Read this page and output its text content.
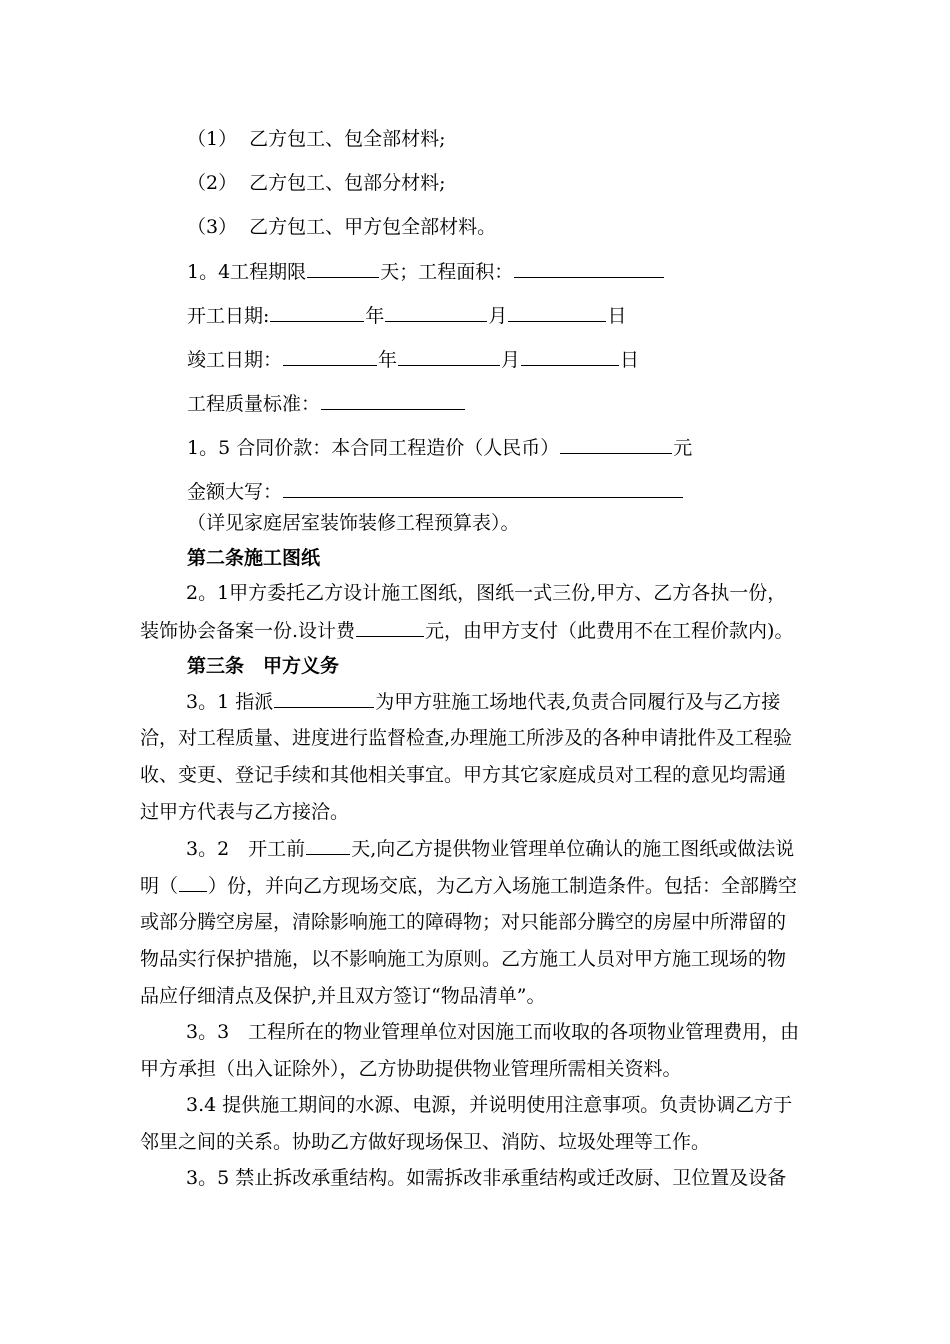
（1） 乙方包工、包全部材料;
（2） 乙方包工、包部分材料;
（3） 乙方包工、甲方包全部材料。
1。4工程期限	天；工程面积：
开工日期:	年	月	日
竣工日期：	年	月	日
工程质量标准：
1。5 合同价款：本合同工程造价（人民币）	元
金额大写：
（详见家庭居室装饰装修工程预算表）。
第二条施工图纸
2。1甲方委托乙方设计施工图纸，图纸一式三份,甲方、乙方各执一份，
装饰协会备案一份.设计费	元，由甲方支付（此费用不在工程价款内)。
第三条　甲方义务
3。1 指派	为甲方驻施工场地代表,负责合同履行及与乙方接
洽，对工程质量、进度进行监督检查,办理施工所涉及的各种申请批件及工程验
收、变更、登记手续和其他相关事宜。甲方其它家庭成员对工程的意见均需通
过甲方代表与乙方接洽。
3。2　开工前 天,向乙方提供物业管理单位确认的施工图纸或做法说
明（ ）份，并向乙方现场交底，为乙方入场施工制造条件。包括：全部腾空
或部分腾空房屋，清除影响施工的障碍物；对只能部分腾空的房屋中所滞留的
物品实行保护措施，以不影响施工为原则。乙方施工人员对甲方施工现场的物
品应仔细清点及保护,并且双方签订“物品清单”。
3。3　工程所在的物业管理单位对因施工而收取的各项物业管理费用，由
甲方承担（出入证除外），乙方协助提供物业管理所需相关资料。
3.4 提供施工期间的水源、电源，并说明使用注意事项。负责协调乙方于
邻里之间的关系。协助乙方做好现场保卫、消防、垃圾处理等工作。
3。5 禁止拆改承重结构。如需拆改非承重结构或迁改厨、卫位置及设备
